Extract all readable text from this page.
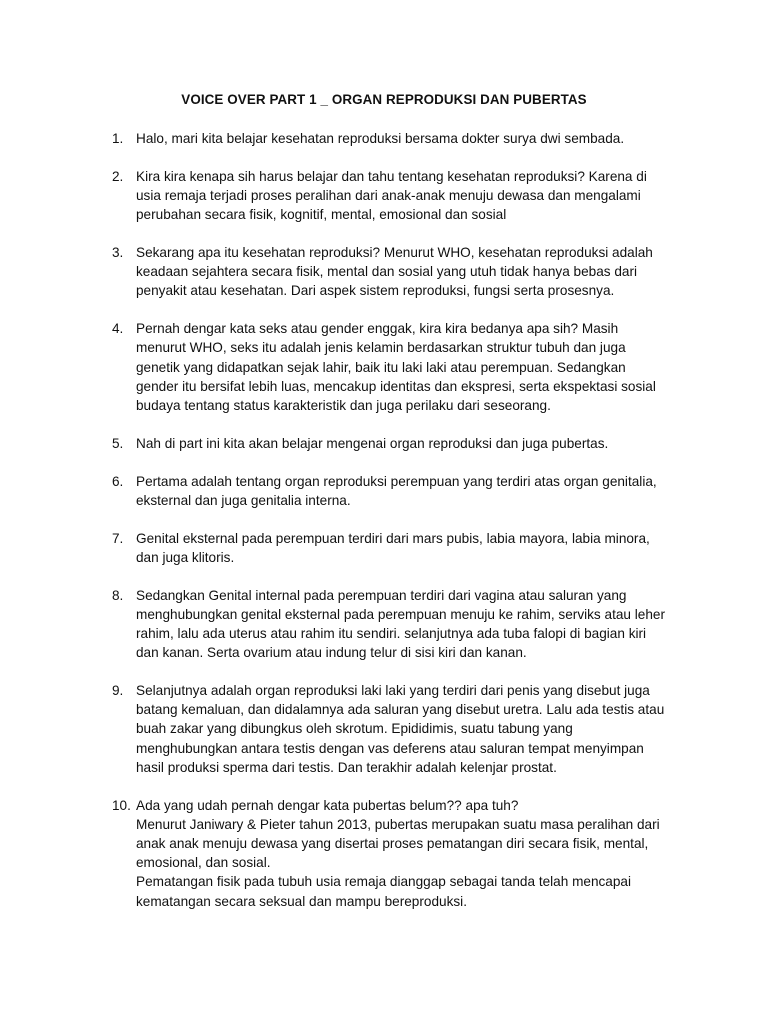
VOICE OVER PART 1 _ ORGAN REPRODUKSI DAN PUBERTAS
1. Halo, mari kita belajar kesehatan reproduksi bersama dokter surya dwi sembada.
2. Kira kira kenapa sih harus belajar dan tahu tentang kesehatan reproduksi? Karena di
usia remaja terjadi proses peralihan dari anak-anak menuju dewasa dan mengalami
perubahan secara fisik, kognitif, mental, emosional dan sosial
3. Sekarang apa itu kesehatan reproduksi? Menurut WHO, kesehatan reproduksi adalah
keadaan sejahtera secara fisik, mental dan sosial yang utuh tidak hanya bebas dari
penyakit atau kesehatan. Dari aspek sistem reproduksi, fungsi serta prosesnya.
4. Pernah dengar kata seks atau gender enggak, kira kira bedanya apa sih? Masih
menurut WHO, seks itu adalah jenis kelamin berdasarkan struktur tubuh dan juga
genetik yang didapatkan sejak lahir, baik itu laki laki atau perempuan. Sedangkan
gender itu bersifat lebih luas, mencakup identitas dan ekspresi, serta ekspektasi sosial
budaya tentang status karakteristik dan juga perilaku dari seseorang.
5. Nah di part ini kita akan belajar mengenai organ reproduksi dan juga pubertas.
6. Pertama adalah tentang organ reproduksi perempuan yang terdiri atas organ genitalia,
eksternal dan juga genitalia interna.
7. Genital eksternal pada perempuan terdiri dari mars pubis, labia mayora, labia minora,
dan juga klitoris.
8. Sedangkan Genital internal pada perempuan terdiri dari vagina atau saluran yang
menghubungkan genital eksternal pada perempuan menuju ke rahim, serviks atau leher
rahim, lalu ada uterus atau rahim itu sendiri. selanjutnya ada tuba falopi di bagian kiri
dan kanan. Serta ovarium atau indung telur di sisi kiri dan kanan.
9. Selanjutnya adalah organ reproduksi laki laki yang terdiri dari penis yang disebut juga
batang kemaluan, dan didalamnya ada saluran yang disebut uretra. Lalu ada testis atau
buah zakar yang dibungkus oleh skrotum. Epididimis, suatu tabung yang
menghubungkan antara testis dengan vas deferens atau saluran tempat menyimpan
hasil produksi sperma dari testis. Dan terakhir adalah kelenjar prostat.
10. Ada yang udah pernah dengar kata pubertas belum?? apa tuh?
Menurut Janiwary & Pieter tahun 2013, pubertas merupakan suatu masa peralihan dari
anak anak menuju dewasa yang disertai proses pematangan diri secara fisik, mental,
emosional, dan sosial.
Pematangan fisik pada tubuh usia remaja dianggap sebagai tanda telah mencapai
kematangan secara seksual dan mampu bereproduksi.
